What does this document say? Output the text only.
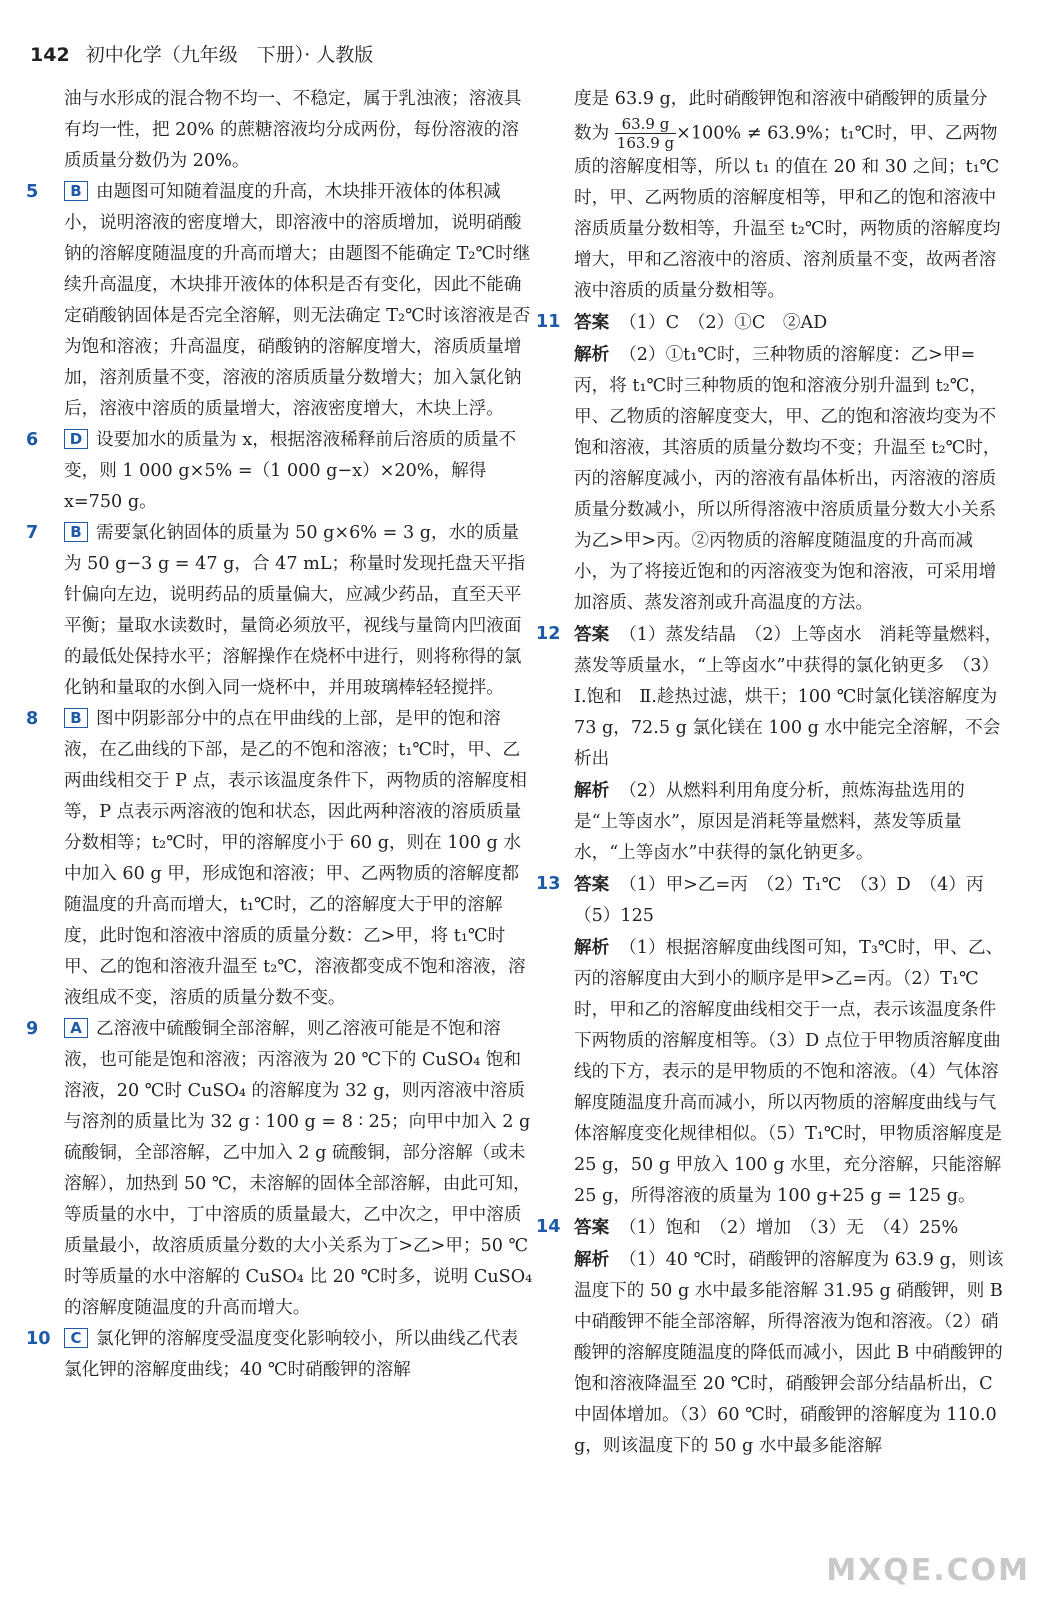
142 初中化学（九年级　下册）· 人教版

油与水形成的混合物不均一、不稳定，属于乳浊液；溶液具有均一性，把 20% 的蔗糖溶液均分成两份，每份溶液的溶质质量分数仍为 20%。

5	B 由题图可知随着温度的升高，木块排开液体的体积减小，说明溶液的密度增大，即溶液中的溶质增加，说明硝酸钠的溶解度随温度的升高而增大；由题图不能确定 T₂℃时继续升高温度，木块排开液体的体积是否有变化，因此不能确定硝酸钠固体是否完全溶解，则无法确定 T₂℃时该溶液是否为饱和溶液；升高温度，硝酸钠的溶解度增大，溶质质量增加，溶剂质量不变，溶液的溶质质量分数增大；加入氯化钠后，溶液中溶质的质量增大，溶液密度增大，木块上浮。

6	D 设要加水的质量为 x，根据溶液稀释前后溶质的质量不变，则 1 000 g×5% =（1 000 g−x）×20%，解得 x=750 g。

7	B 需要氯化钠固体的质量为 50 g×6% = 3 g，水的质量为 50 g−3 g = 47 g，合 47 mL；称量时发现托盘天平指针偏向左边，说明药品的质量偏大，应减少药品，直至天平平衡；量取水读数时，量筒必须放平，视线与量筒内凹液面的最低处保持水平；溶解操作在烧杯中进行，则将称得的氯化钠和量取的水倒入同一烧杯中，并用玻璃棒轻轻搅拌。

8	B 图中阴影部分中的点在甲曲线的上部，是甲的饱和溶液，在乙曲线的下部，是乙的不饱和溶液；t₁℃时，甲、乙两曲线相交于 P 点，表示该温度条件下，两物质的溶解度相等，P 点表示两溶液的饱和状态，因此两种溶液的溶质质量分数相等；t₂℃时，甲的溶解度小于 60 g，则在 100 g 水中加入 60 g 甲，形成饱和溶液；甲、乙两物质的溶解度都随温度的升高而增大，t₁℃时，乙的溶解度大于甲的溶解度，此时饱和溶液中溶质的质量分数：乙>甲，将 t₁℃时甲、乙的饱和溶液升温至 t₂℃，溶液都变成不饱和溶液，溶液组成不变，溶质的质量分数不变。

9	A 乙溶液中硫酸铜全部溶解，则乙溶液可能是不饱和溶液，也可能是饱和溶液；丙溶液为 20 ℃下的 CuSO₄ 饱和溶液，20 ℃时 CuSO₄ 的溶解度为 32 g，则丙溶液中溶质与溶剂的质量比为 32 g ∶ 100 g = 8 ∶ 25；向甲中加入 2 g 硫酸铜，全部溶解，乙中加入 2 g 硫酸铜，部分溶解（或未溶解），加热到 50 ℃，未溶解的固体全部溶解，由此可知，等质量的水中，丁中溶质的质量最大，乙中次之，甲中溶质质量最小，故溶质质量分数的大小关系为丁>乙>甲；50 ℃时等质量的水中溶解的 CuSO₄ 比 20 ℃时多，说明 CuSO₄ 的溶解度随温度的升高而增大。

10	C 氯化钾的溶解度受温度变化影响较小，所以曲线乙代表氯化钾的溶解度曲线；40 ℃时硝酸钾的溶解

度是 63.9 g，此时硝酸钾饱和溶液中硝酸钾的质量分数为 $\frac{63.9 g}{163.9 g} \times 100\% \ne 63.9\%$；t₁℃时，甲、乙两物质的溶解度相等，所以 t₁ 的值在 20 和 30 之间；t₁℃时，甲、乙两物质的溶解度相等，甲和乙的饱和溶液中溶质质量分数相等，升温至 t₂℃时，两物质的溶解度均增大，甲和乙溶液中的溶质、溶剂质量不变，故两者溶液中溶质的质量分数相等。

11 答案 （1）C　（2）①C　②AD

解析 （2）①t₁℃时，三种物质的溶解度：乙>甲=丙，将 t₁℃时三种物质的饱和溶液分别升温到 t₂℃，甲、乙物质的溶解度变大，甲、乙的饱和溶液均变为不饱和溶液，其溶质的质量分数均不变；升温至 t₂℃时，丙的溶解度减小，丙的溶液有晶体析出，丙溶液的溶质质量分数减小，所以所得溶液中溶质质量分数大小关系为乙>甲>丙。②丙物质的溶解度随温度的升高而减小，为了将接近饱和的丙溶液变为饱和溶液，可采用增加溶质、蒸发溶剂或升高温度的方法。

12 答案 （1）蒸发结晶　（2）上等卤水　消耗等量燃料，蒸发等质量水，“上等卤水”中获得的氯化钠更多　（3）Ⅰ.饱和　Ⅱ.趁热过滤，烘干；100 ℃时氯化镁溶解度为 73 g，72.5 g 氯化镁在 100 g 水中能完全溶解，不会析出

解析 （2）从燃料利用角度分析，煎炼海盐选用的是“上等卤水”，原因是消耗等量燃料，蒸发等质量水，“上等卤水”中获得的氯化钠更多。

13 答案 （1）甲>乙=丙　（2）T₁℃　（3）D　（4）丙　（5）125

解析 （1）根据溶解度曲线图可知，T₃℃时，甲、乙、丙的溶解度由大到小的顺序是甲>乙=丙。（2）T₁℃时，甲和乙的溶解度曲线相交于一点，表示该温度条件下两物质的溶解度相等。（3）D 点位于甲物质溶解度曲线的下方，表示的是甲物质的不饱和溶液。（4）气体溶解度随温度升高而减小，所以丙物质的溶解度曲线与气体溶解度变化规律相似。（5）T₁℃时，甲物质溶解度是 25 g，50 g 甲放入 100 g 水里，充分溶解，只能溶解 25 g，所得溶液的质量为 100 g+25 g = 125 g。

14 答案 （1）饱和　（2）增加　（3）无　（4）25%

解析 （1）40 ℃时，硝酸钾的溶解度为 63.9 g，则该温度下的 50 g 水中最多能溶解 31.95 g 硝酸钾，则 B 中硝酸钾不能全部溶解，所得溶液为饱和溶液。（2）硝酸钾的溶解度随温度的降低而减小，因此 B 中硝酸钾的饱和溶液降温至 20 ℃时，硝酸钾会部分结晶析出，C 中固体增加。（3）60 ℃时，硝酸钾的溶解度为 110.0 g，则该温度下的 50 g 水中最多能溶解

MXQE.COM
